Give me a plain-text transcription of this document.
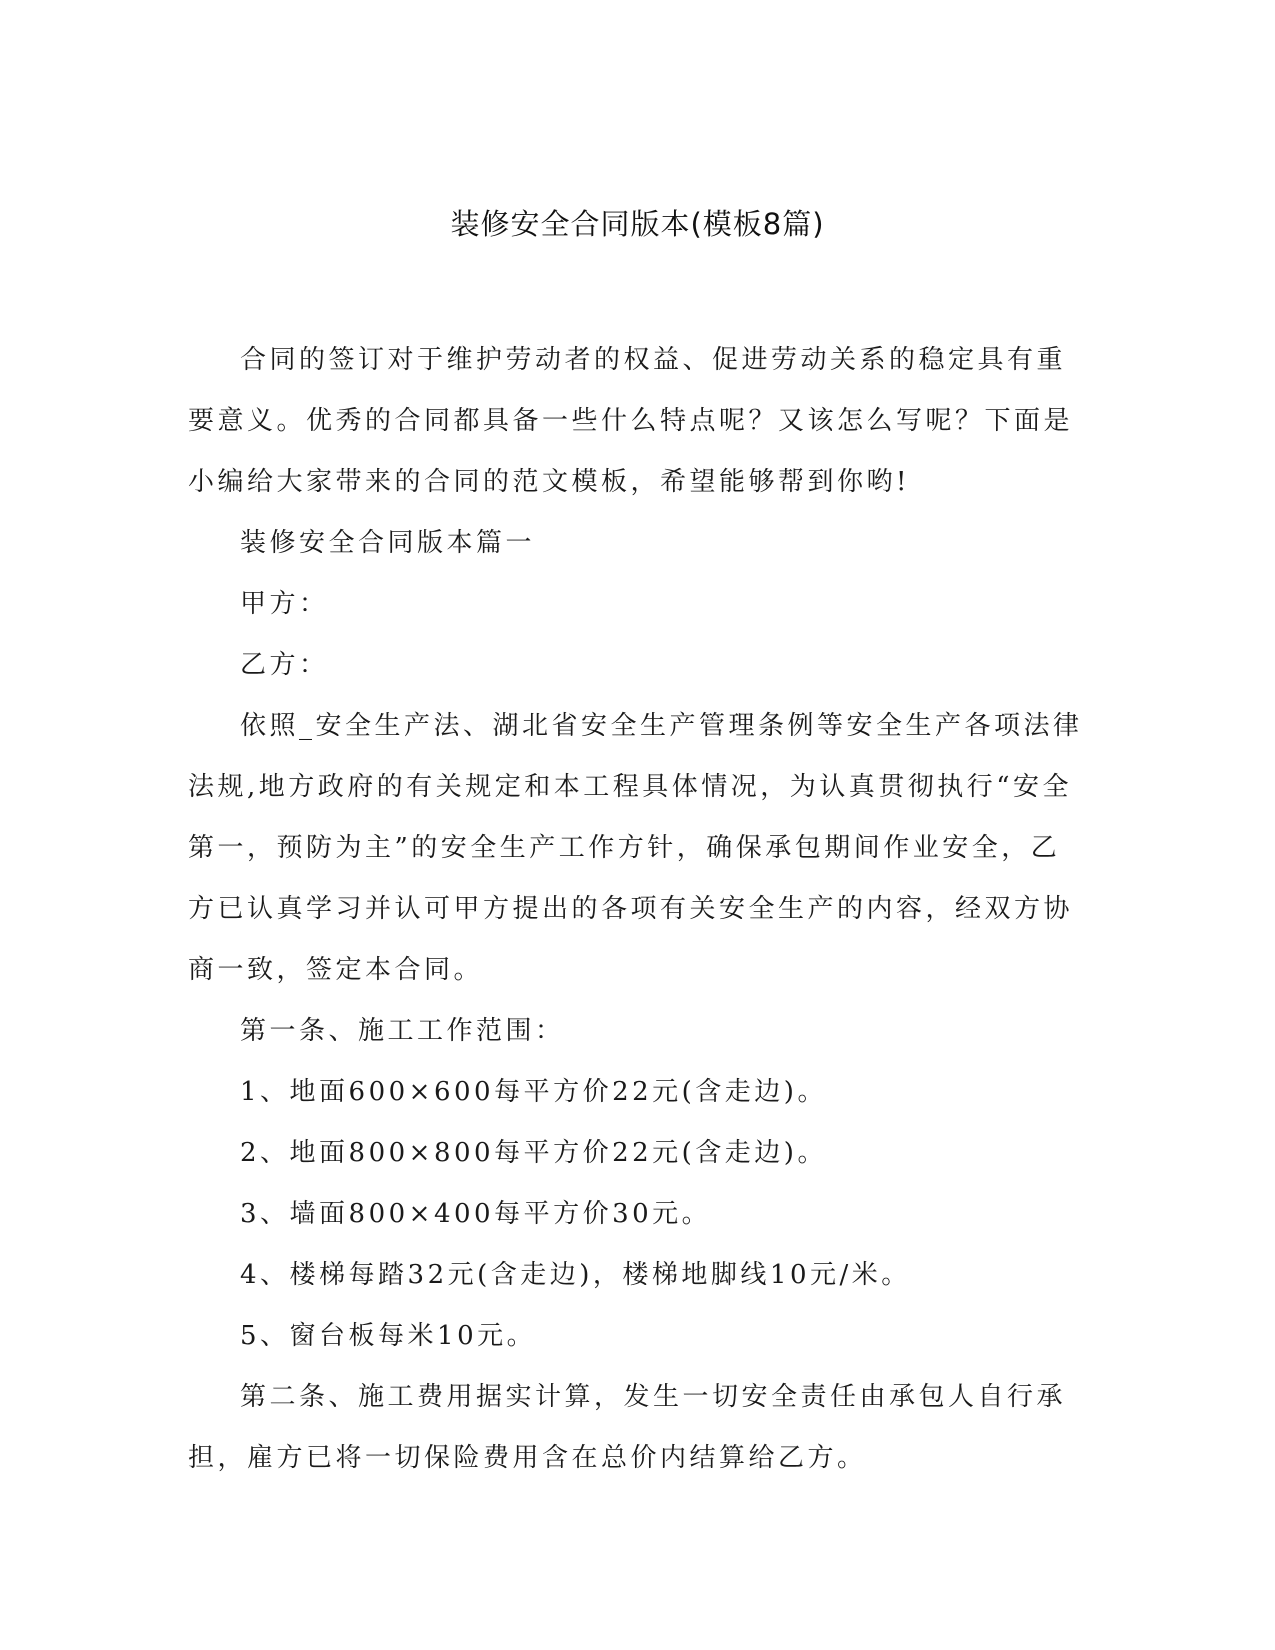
装修安全合同版本(模板8篇)

合同的签订对于维护劳动者的权益、促进劳动关系的稳定具有重要意义。优秀的合同都具备一些什么特点呢？又该怎么写呢？下面是小编给大家带来的合同的范文模板，希望能够帮到你哟!

装修安全合同版本篇一

甲方：

乙方：

依照_安全生产法、湖北省安全生产管理条例等安全生产各项法律法规,地方政府的有关规定和本工程具体情况，为认真贯彻执行“安全第一，预防为主”的安全生产工作方针，确保承包期间作业安全，乙方已认真学习并认可甲方提出的各项有关安全生产的内容，经双方协商一致，签定本合同。

第一条、施工工作范围：

1、地面600×600每平方价22元(含走边)。

2、地面800×800每平方价22元(含走边)。

3、墙面800×400每平方价30元。

4、楼梯每踏32元(含走边)，楼梯地脚线10元/米。

5、窗台板每米10元。

第二条、施工费用据实计算，发生一切安全责任由承包人自行承担，雇方已将一切保险费用含在总价内结算给乙方。
